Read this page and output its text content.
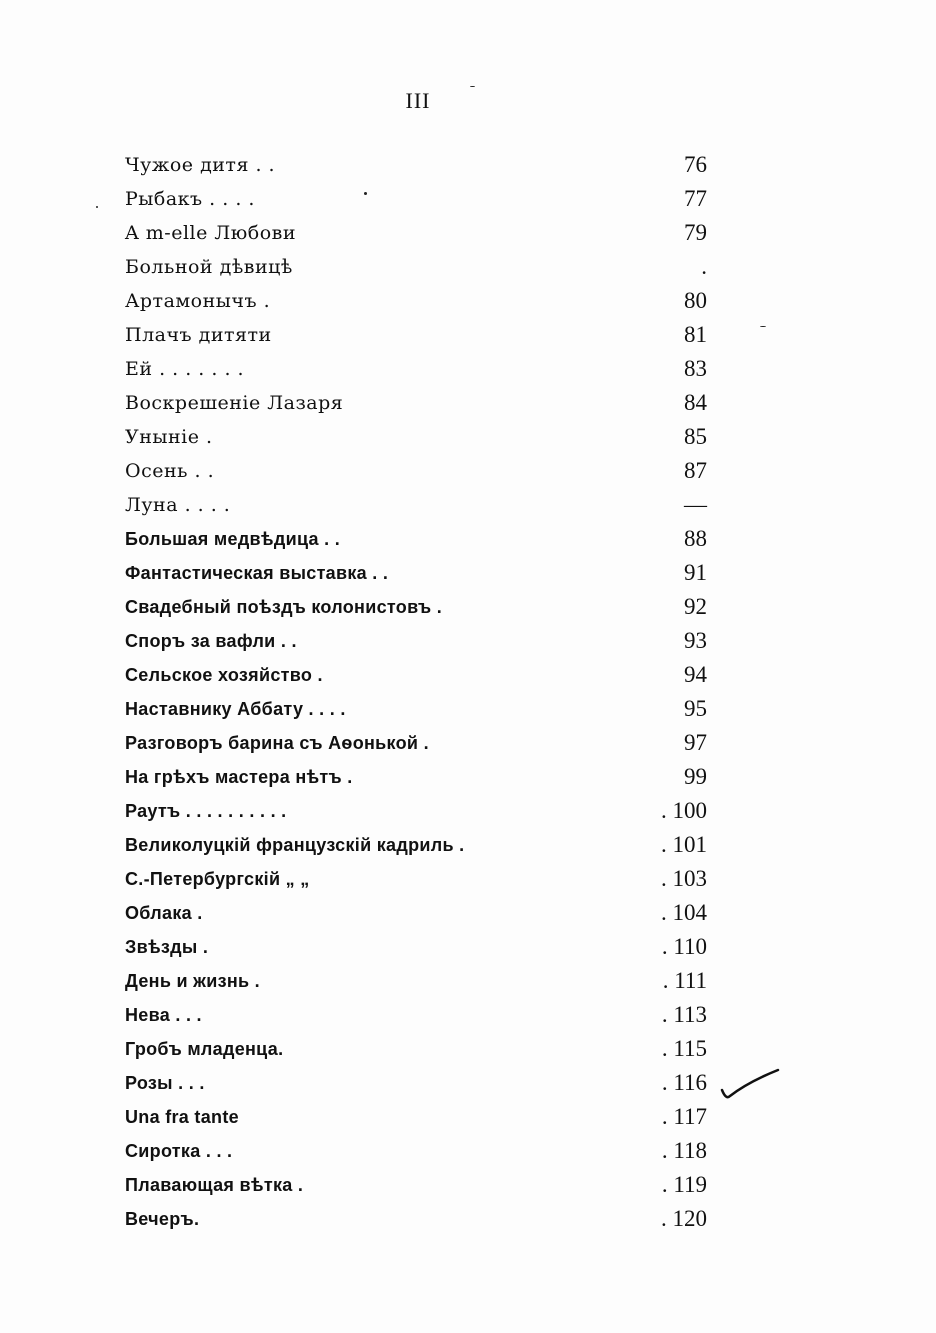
III
Чужое дитя . .	76
Рыбакъ . . . .	77
A m-elle Любови	79
Больной дѣвицѣ	.
Артамонычъ .	80
Плачъ дитяти	81
Ей . . . . . . .	83
Воскрешеніе Лазаря	84
Уныніе .	85
Осень . .	87
Луна . . . .	—
Большая медвѣдица . .	88
Фантастическая выставка . .	91
Свадебный поѣздъ колонистовъ .	92
Споръ за вафли . .	93
Сельское хозяйство .	94
Наставнику Аббату . . . .	95
Разговоръ барина съ Аѳонькой .	97
На грѣхъ мастера нѣтъ .	99
Раутъ . . . . . . . . . .	. 100
Великолуцкій французскій кадриль .	. 101
С.-Петербургскій „ „	. 103
Облака .	. 104
Звѣзды .	. 110
День и жизнь .	. 111
Нева . . .	. 113
Гробъ младенца.	. 115
Розы . . .	. 116
Una fra tante	. 117
Сиротка . . .	. 118
Плавающая вѣтка .	. 119
Вечеръ.	. 120
